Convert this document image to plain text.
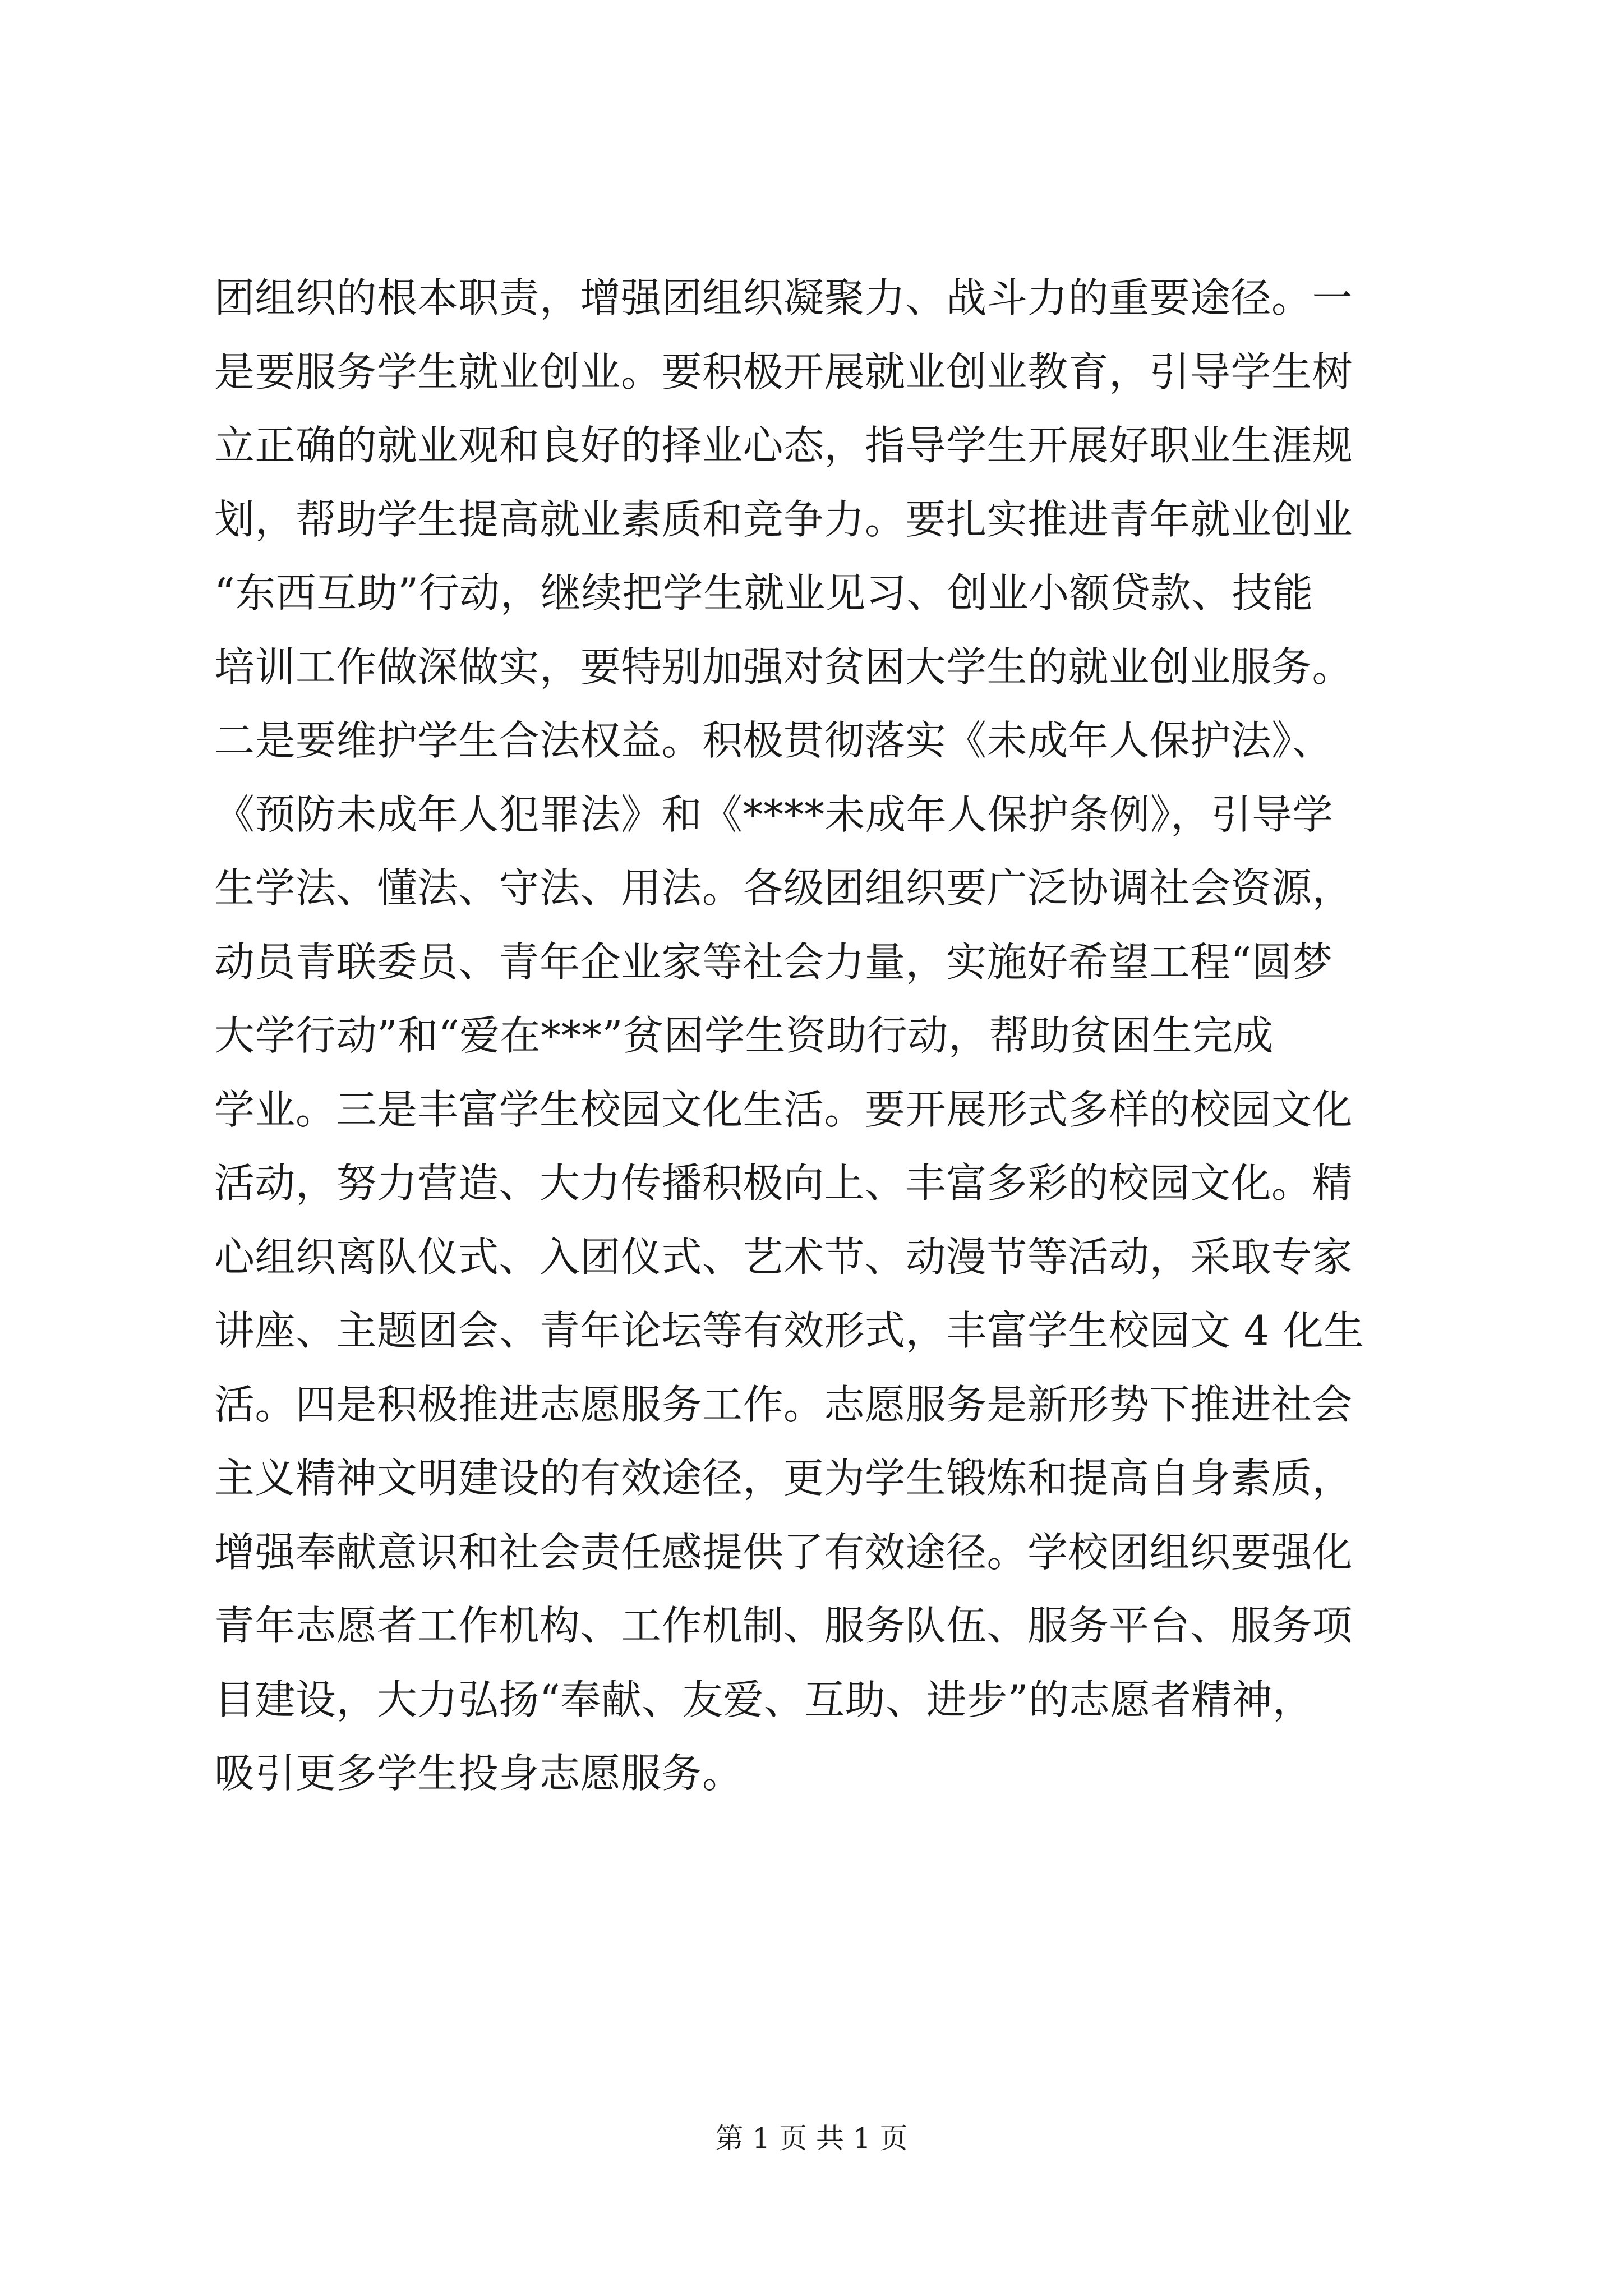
团组织的根本职责，增强团组织凝聚力、战斗力的重要途径。一
是要服务学生就业创业。要积极开展就业创业教育，引导学生树
立正确的就业观和良好的择业心态，指导学生开展好职业生涯规
划，帮助学生提高就业素质和竞争力。要扎实推进青年就业创业
“东西互助”行动，继续把学生就业见习、创业小额贷款、技能
培训工作做深做实，要特别加强对贫困大学生的就业创业服务。
二是要维护学生合法权益。积极贯彻落实《未成年人保护法》、
《预防未成年人犯罪法》和《****未成年人保护条例》，引导学
生学法、懂法、守法、用法。各级团组织要广泛协调社会资源，
动员青联委员、青年企业家等社会力量，实施好希望工程“圆梦
大学行动”和“爱在***”贫困学生资助行动，帮助贫困生完成
学业。三是丰富学生校园文化生活。要开展形式多样的校园文化
活动，努力营造、大力传播积极向上、丰富多彩的校园文化。精
心组织离队仪式、入团仪式、艺术节、动漫节等活动，采取专家
讲座、主题团会、青年论坛等有效形式，丰富学生校园文 4 化生
活。四是积极推进志愿服务工作。志愿服务是新形势下推进社会
主义精神文明建设的有效途径，更为学生锻炼和提高自身素质，
增强奉献意识和社会责任感提供了有效途径。学校团组织要强化
青年志愿者工作机构、工作机制、服务队伍、服务平台、服务项
目建设，大力弘扬“奉献、友爱、互助、进步”的志愿者精神，
吸引更多学生投身志愿服务。
第 1 页 共 1 页
